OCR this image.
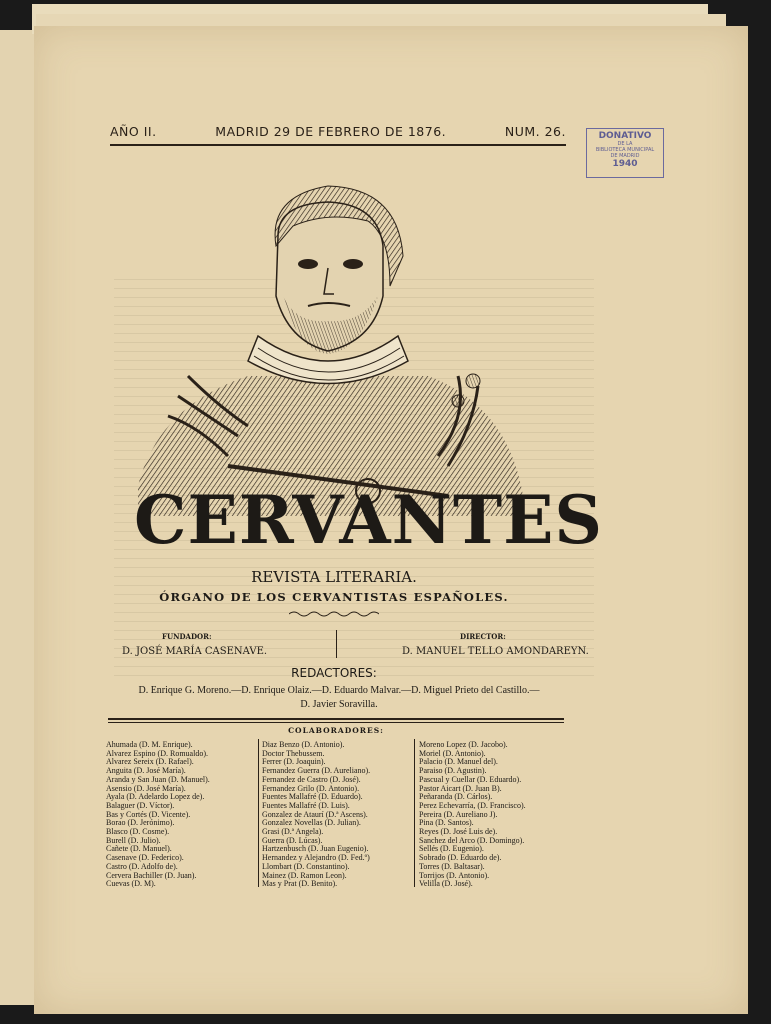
AÑO II.	MADRID 29 DE FEBRERO DE 1876.	NUM. 26.	DONATIVO
DE LA
BIBLIOTECA MUNICIPAL
DE MADRID
1940
CERVANTES
REVISTA LITERARIA.
ÓRGANO DE LOS CERVANTISTAS ESPAÑOLES.
FUNDADOR:
D. JOSÉ MARÍA CASENAVE.
DIRECTOR:
D. MANUEL TELLO AMONDAREYN.
REDACTORES:
D. Enrique G. Moreno.—D. Enrique Olaiz.—D. Eduardo Malvar.—D. Miguel Prieto del Castillo.—
D. Javier Soravilla.
COLABORADORES:
Ahumada (D. M. Enrique).
Alvarez Espino (D. Romualdo).
Alvarez Sereix (D. Rafael).
Anguita (D. José María).
Aranda y San Juan (D. Manuel).
Asensio (D. José María).
Ayala (D. Adelardo Lopez de).
Balaguer (D. Víctor).
Bas y Cortés (D. Vicente).
Borao (D. Jerónimo).
Blasco (D. Cosme).
Burell (D. Julio).
Cañete (D. Manuel).
Casenave (D. Federico).
Castro (D. Adolfo de).
Cervera Bachiller (D. Juan).
Cuevas (D. M).
Diaz Benzo (D. Antonio).
Doctor Thebussem.
Ferrer (D. Joaquin).
Fernandez Guerra (D. Aureliano).
Fernandez de Castro (D. José).
Fernandez Grilo (D. Antonio).
Fuentes Mallafré (D. Eduardo).
Fuentes Mallafré (D. Luis).
Gonzalez de Ataurí (D.ª Ascens).
Gonzalez Novellas (D. Julian).
Grasi (D.ª Angela).
Guerra (D. Lúcas).
Hartzenbusch (D. Juan Eugenio).
Hernandez y Alejandro (D. Fed.º)
Llombart (D. Constantino).
Mainez (D. Ramon Leon).
Mas y Prat (D. Benito).
Moreno Lopez (D. Jacobo).
Moriel (D. Antonio).
Palacio (D. Manuel del).
Paraiso (D. Agustin).
Pascual y Cuellar (D. Eduardo).
Pastor Aicart (D. Juan B).
Peñaranda (D. Cárlos).
Perez Echevarría, (D. Francisco).
Pereira (D. Aureliano J).
Pina (D. Santos).
Reyes (D. José Luis de).
Sanchez del Arco (D. Domingo).
Sellés (D. Eugenio).
Sobrado (D. Eduardo de).
Torres (D. Baltasar).
Torrijos (D. Antonio).
Velilla (D. José).
